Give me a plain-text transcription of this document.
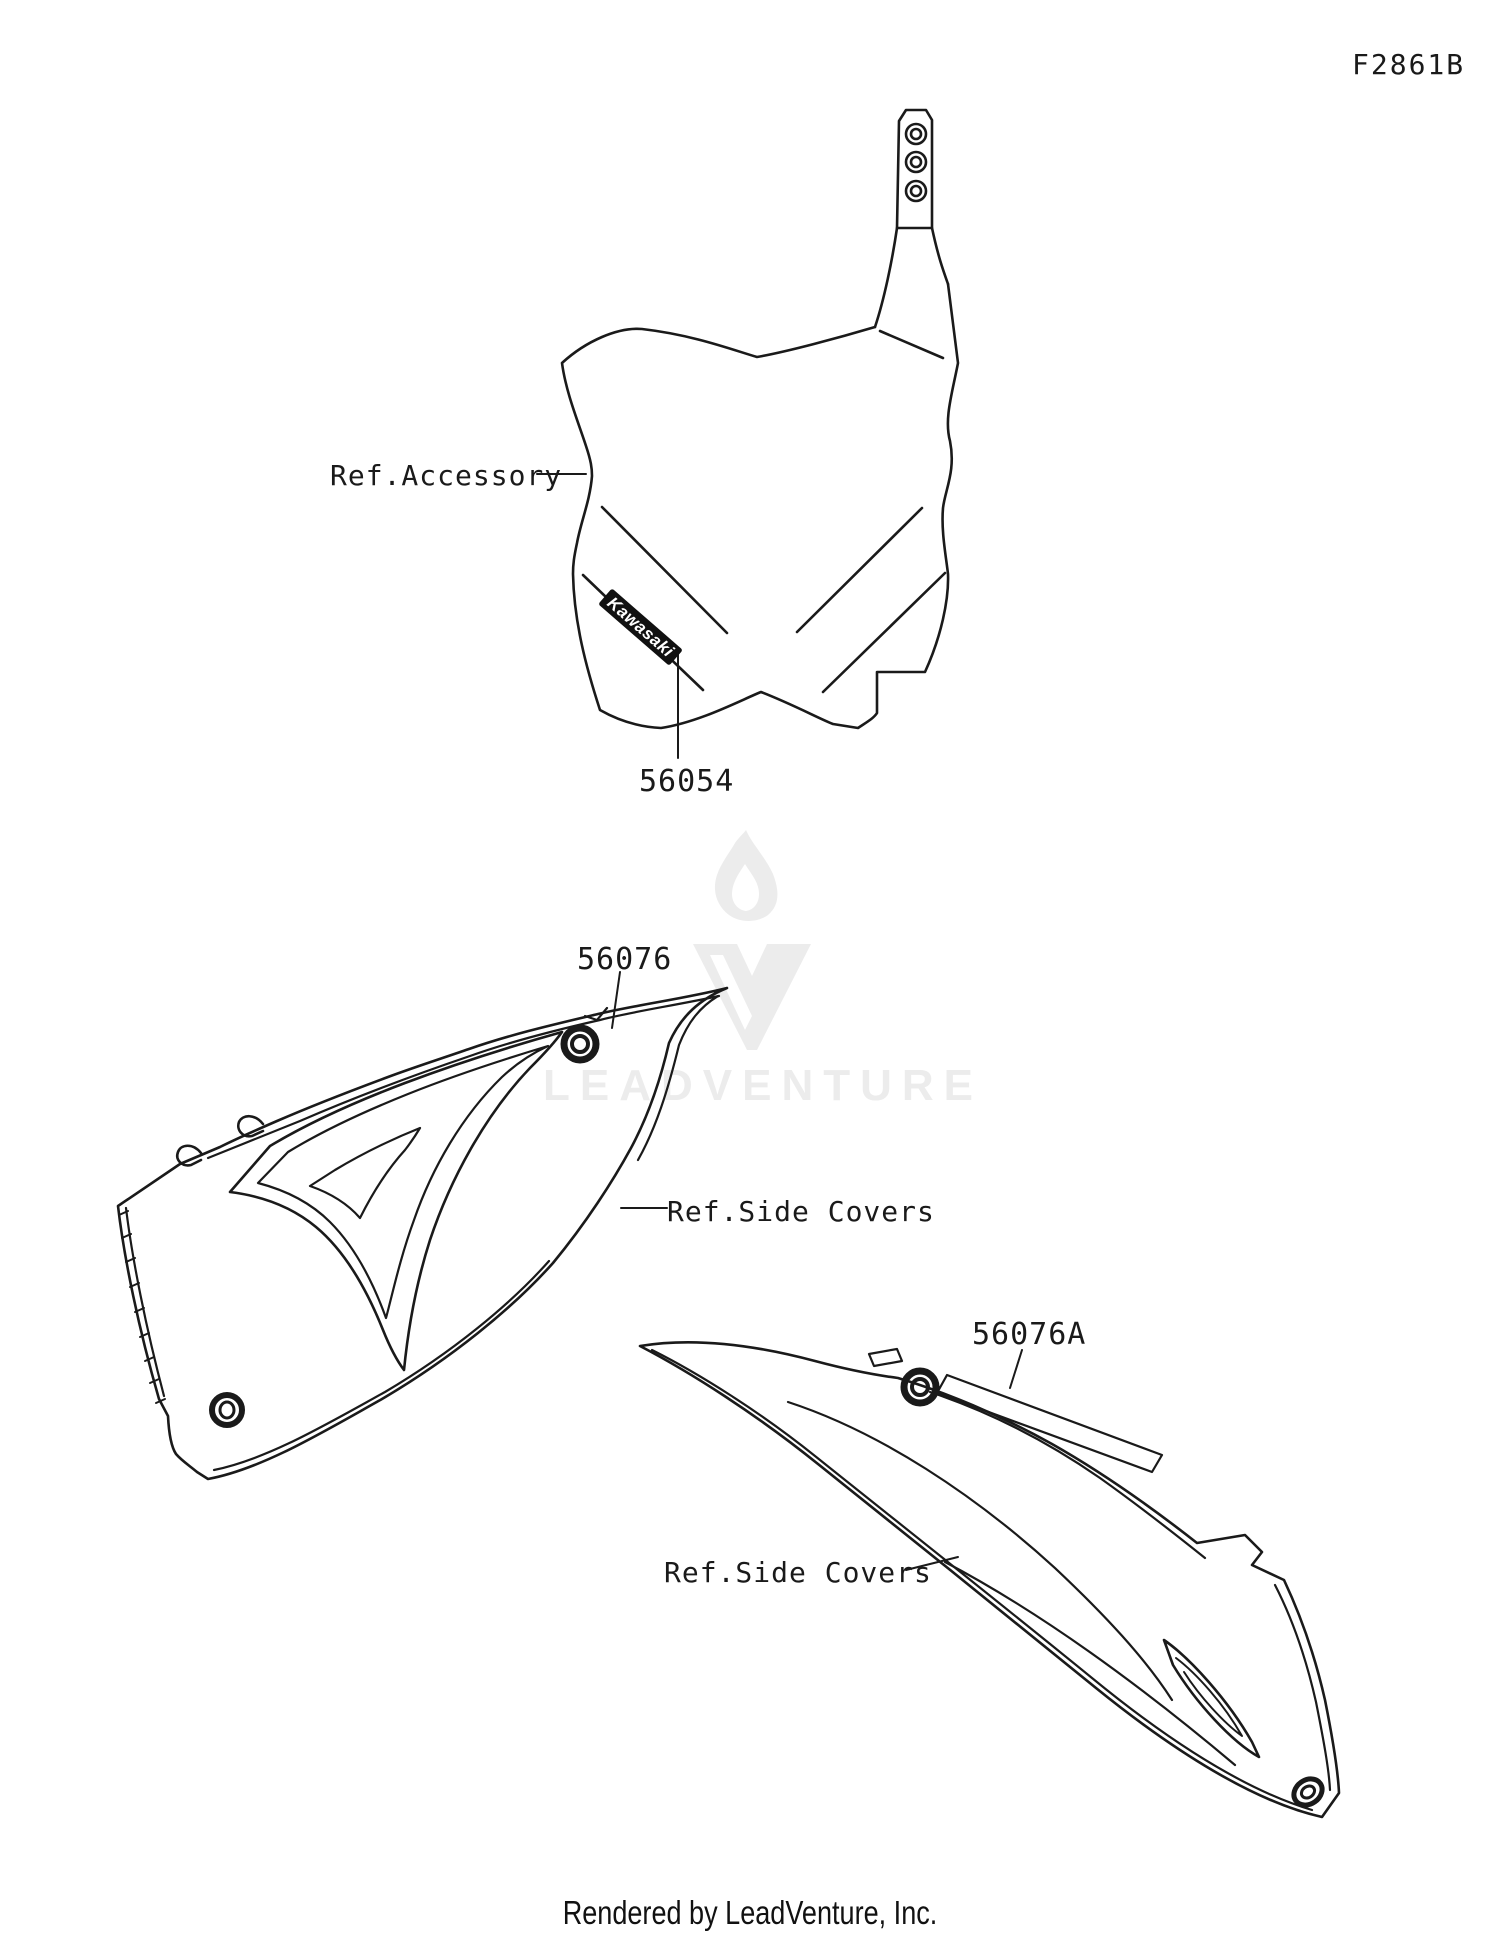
LEADVENTURE
Kawasaki
F2861B
Ref.Accessory
56054
56076
Ref.Side Covers
56076A
Ref.Side Covers
Rendered by LeadVenture, Inc.
